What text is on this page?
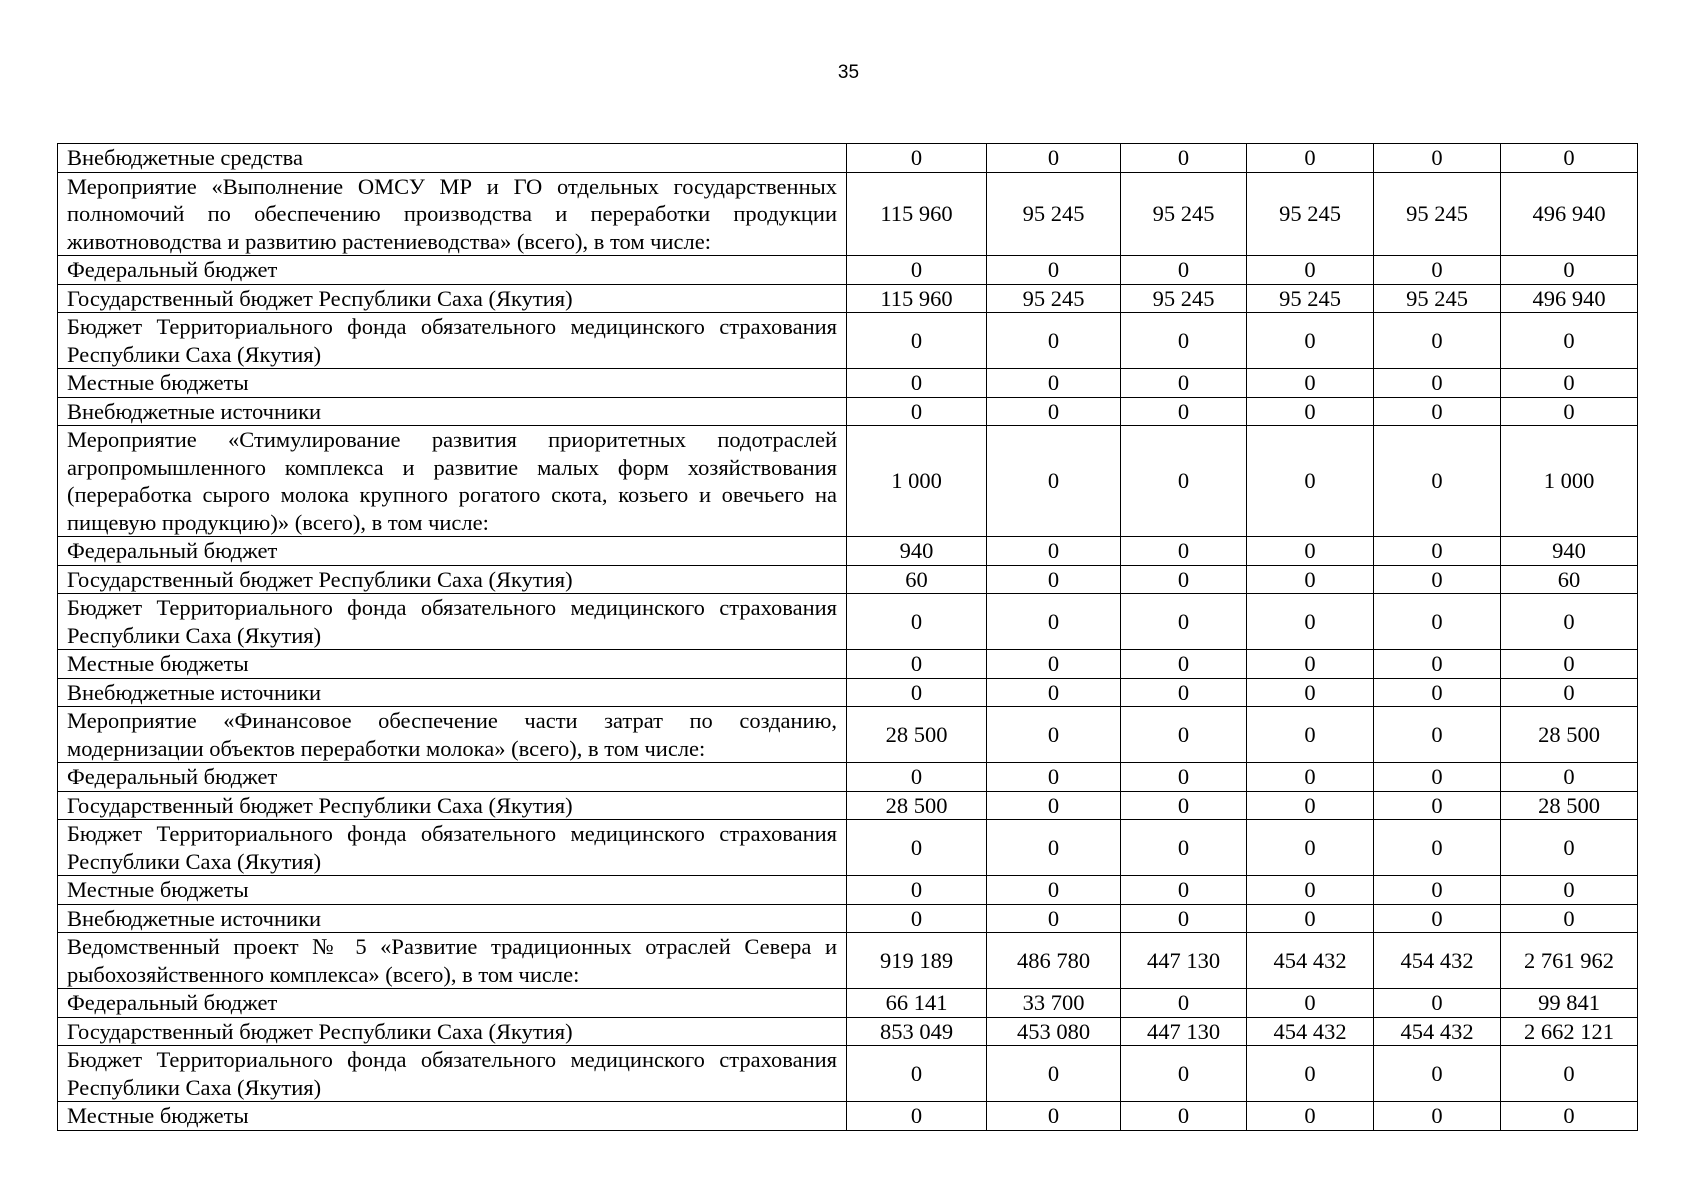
35
Внебюджетные средства	0	0	0	0	0	0
Мероприятие «Выполнение ОМСУ МР и ГО отдельных государственных полномочий по обеспечению производства и переработки продукции животноводства и развитию растениеводства» (всего), в том числе:	115 960	95 245	95 245	95 245	95 245	496 940
Федеральный бюджет	0	0	0	0	0	0
Государственный бюджет Республики Саха (Якутия)	115 960	95 245	95 245	95 245	95 245	496 940
Бюджет Территориального фонда обязательного медицинского страхования Республики Саха (Якутия)	0	0	0	0	0	0
Местные бюджеты	0	0	0	0	0	0
Внебюджетные источники	0	0	0	0	0	0
Мероприятие «Стимулирование развития приоритетных подотраслей агропромышленного комплекса и развитие малых форм хозяйствования (переработка сырого молока крупного рогатого скота, козьего и овечьего на пищевую продукцию)» (всего), в том числе:	1 000	0	0	0	0	1 000
Федеральный бюджет	940	0	0	0	0	940
Государственный бюджет Республики Саха (Якутия)	60	0	0	0	0	60
Бюджет Территориального фонда обязательного медицинского страхования Республики Саха (Якутия)	0	0	0	0	0	0
Местные бюджеты	0	0	0	0	0	0
Внебюджетные источники	0	0	0	0	0	0
Мероприятие «Финансовое обеспечение части затрат по созданию, модернизации объектов переработки молока» (всего), в том числе:	28 500	0	0	0	0	28 500
Федеральный бюджет	0	0	0	0	0	0
Государственный бюджет Республики Саха (Якутия)	28 500	0	0	0	0	28 500
Бюджет Территориального фонда обязательного медицинского страхования Республики Саха (Якутия)	0	0	0	0	0	0
Местные бюджеты	0	0	0	0	0	0
Внебюджетные источники	0	0	0	0	0	0
Ведомственный проект № 5 «Развитие традиционных отраслей Севера и рыбохозяйственного комплекса» (всего), в том числе:	919 189	486 780	447 130	454 432	454 432	2 761 962
Федеральный бюджет	66 141	33 700	0	0	0	99 841
Государственный бюджет Республики Саха (Якутия)	853 049	453 080	447 130	454 432	454 432	2 662 121
Бюджет Территориального фонда обязательного медицинского страхования Республики Саха (Якутия)	0	0	0	0	0	0
Местные бюджеты	0	0	0	0	0	0
